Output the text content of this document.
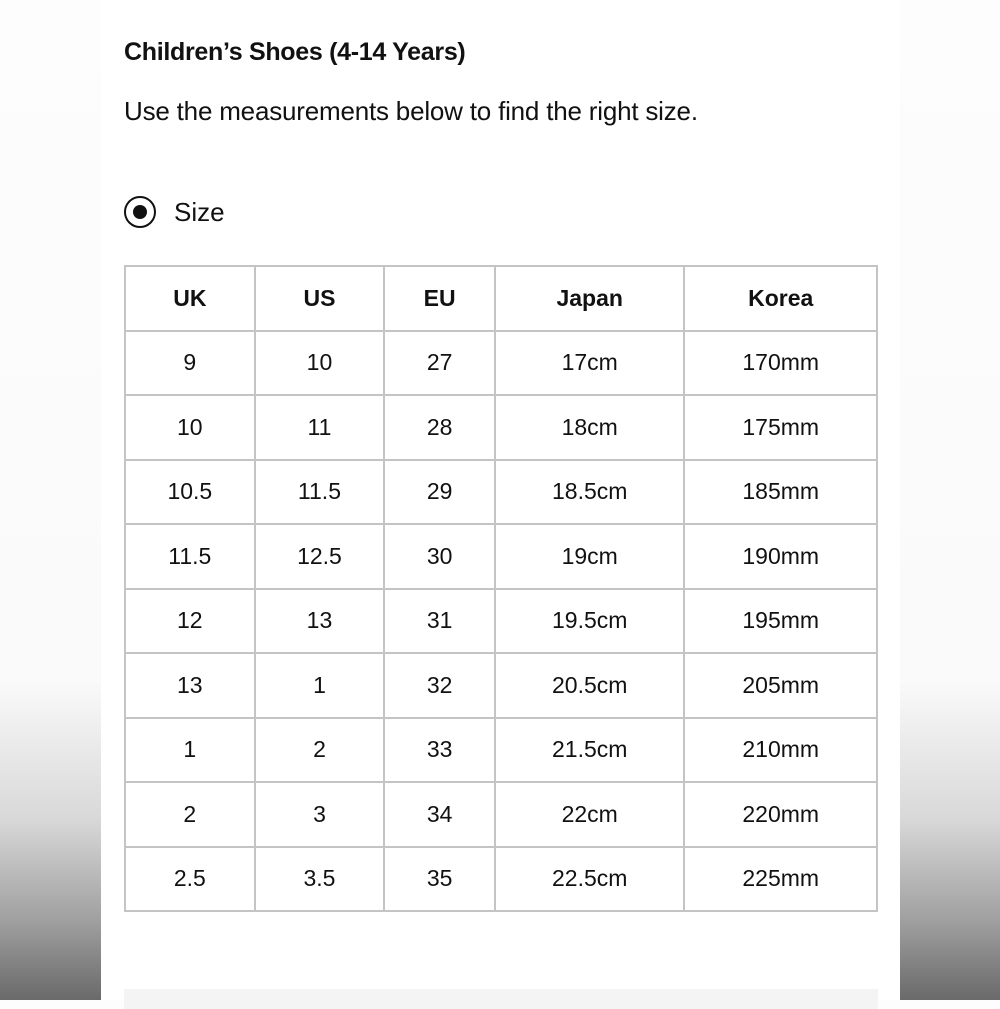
Children’s Shoes (4-14 Years)
Use the measurements below to find the right size.
Size
UK	US	EU	Japan	Korea
9	10	27	17cm	170mm
10	11	28	18cm	175mm
10.5	11.5	29	18.5cm	185mm
11.5	12.5	30	19cm	190mm
12	13	31	19.5cm	195mm
13	1	32	20.5cm	205mm
1	2	33	21.5cm	210mm
2	3	34	22cm	220mm
2.5	3.5	35	22.5cm	225mm
